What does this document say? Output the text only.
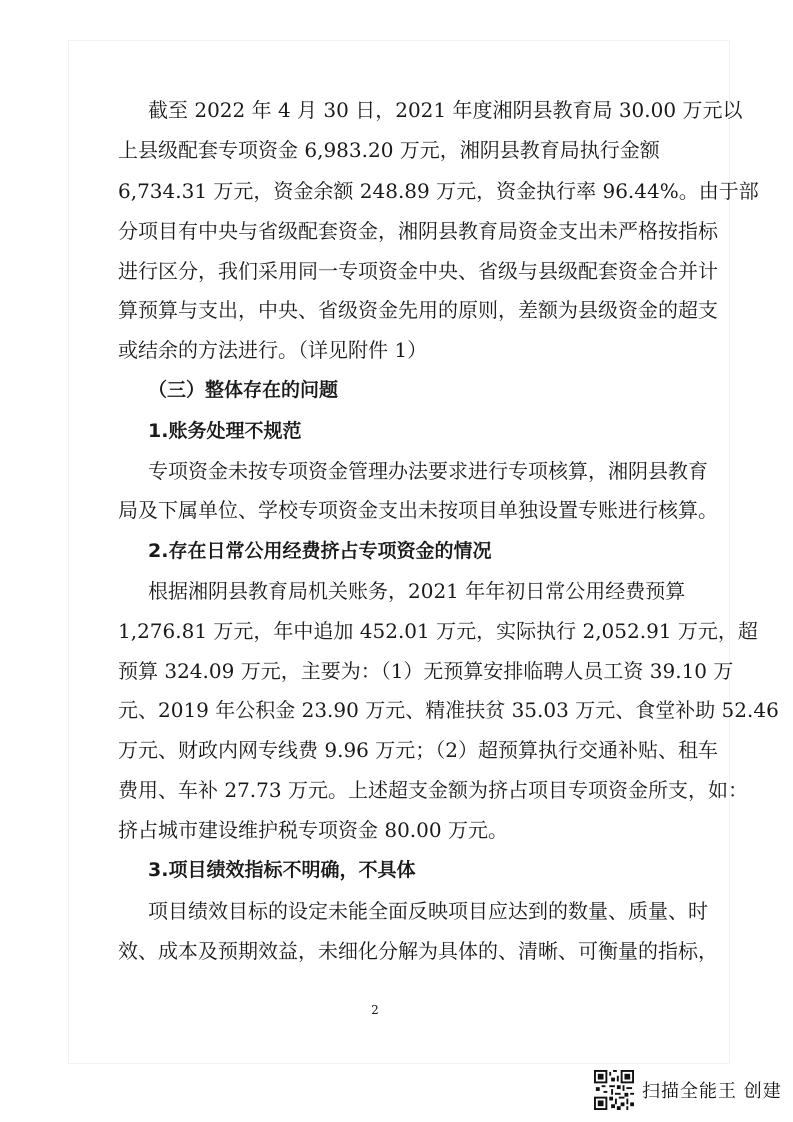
截至 2022 年 4 月 30 日，2021 年度湘阴县教育局 30.00 万元以
上县级配套专项资金 6,983.20 万元，湘阴县教育局执行金额
6,734.31 万元，资金余额 248.89 万元，资金执行率 96.44%。由于部
分项目有中央与省级配套资金，湘阴县教育局资金支出未严格按指标
进行区分，我们采用同一专项资金中央、省级与县级配套资金合并计
算预算与支出，中央、省级资金先用的原则，差额为县级资金的超支
或结余的方法进行。（详见附件 1）
（三）整体存在的问题
1.账务处理不规范
专项资金未按专项资金管理办法要求进行专项核算，湘阴县教育
局及下属单位、学校专项资金支出未按项目单独设置专账进行核算。
2.存在日常公用经费挤占专项资金的情况
根据湘阴县教育局机关账务，2021 年年初日常公用经费预算
1,276.81 万元，年中追加 452.01 万元，实际执行 2,052.91 万元，超
预算 324.09 万元，主要为：（1）无预算安排临聘人员工资 39.10 万
元、2019 年公积金 23.90 万元、精准扶贫 35.03 万元、食堂补助 52.46
万元、财政内网专线费 9.96 万元；（2）超预算执行交通补贴、租车
费用、车补 27.73 万元。上述超支金额为挤占项目专项资金所支，如：
挤占城市建设维护税专项资金 80.00 万元。
3.项目绩效指标不明确，不具体
项目绩效目标的设定未能全面反映项目应达到的数量、质量、时
效、成本及预期效益，未细化分解为具体的、清晰、可衡量的指标，
2
扫描全能王 创建
